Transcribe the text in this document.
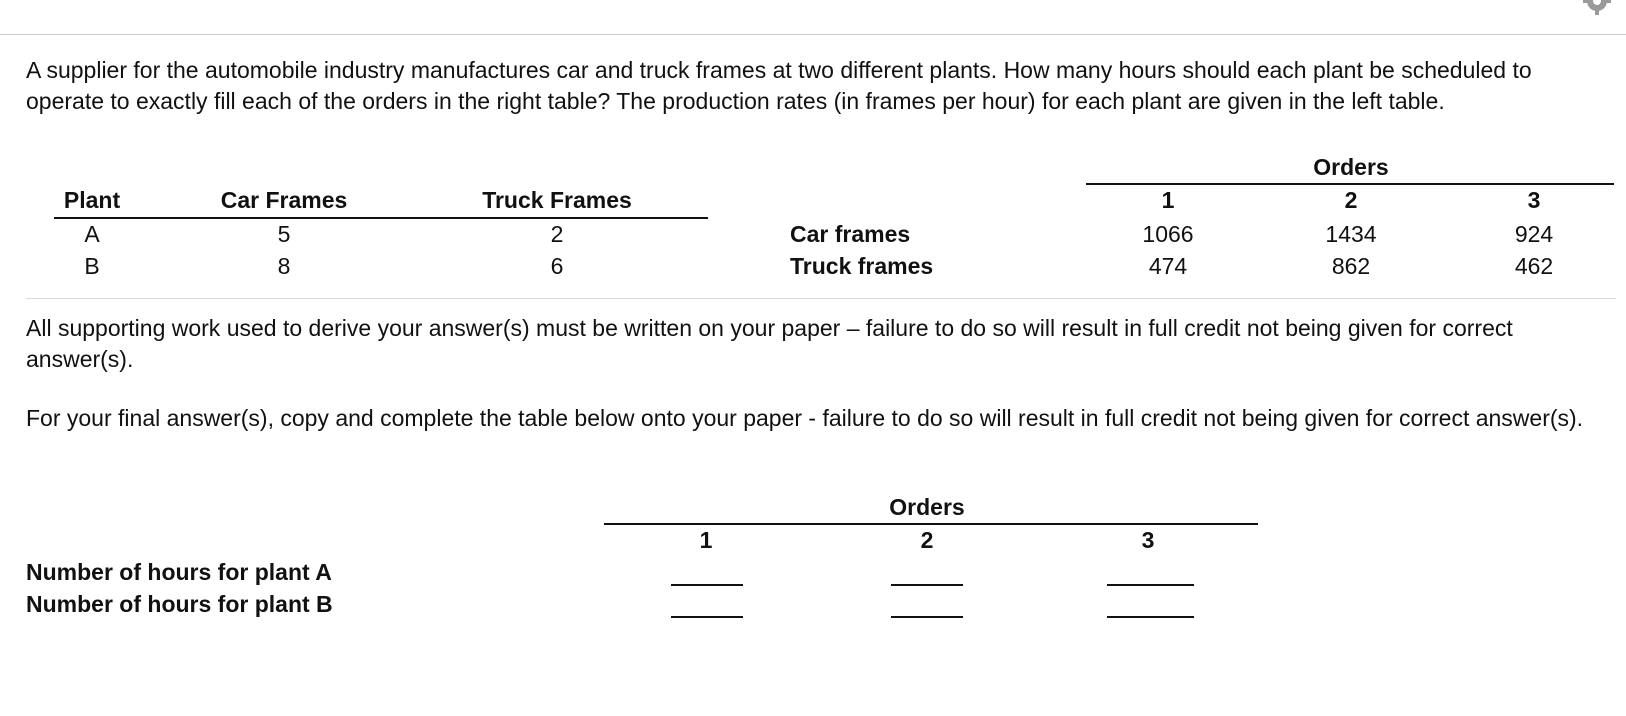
A supplier for the automobile industry manufactures car and truck frames at two different plants. How many hours should each plant be scheduled to operate to exactly fill each of the orders in the right table? The production rates (in frames per hour) for each plant are given in the left table.

Plant	Car Frames	Truck Frames
A	5	2
B	8	6
Orders
1	2	3
Car frames	1066	1434	924
Truck frames	474	862	462

All supporting work used to derive your answer(s) must be written on your paper – failure to do so will result in full credit not being given for correct answer(s).

For your final answer(s), copy and complete the table below onto your paper - failure to do so will result in full credit not being given for correct answer(s).

Orders
1	2	3
Number of hours for plant A
Number of hours for plant B
